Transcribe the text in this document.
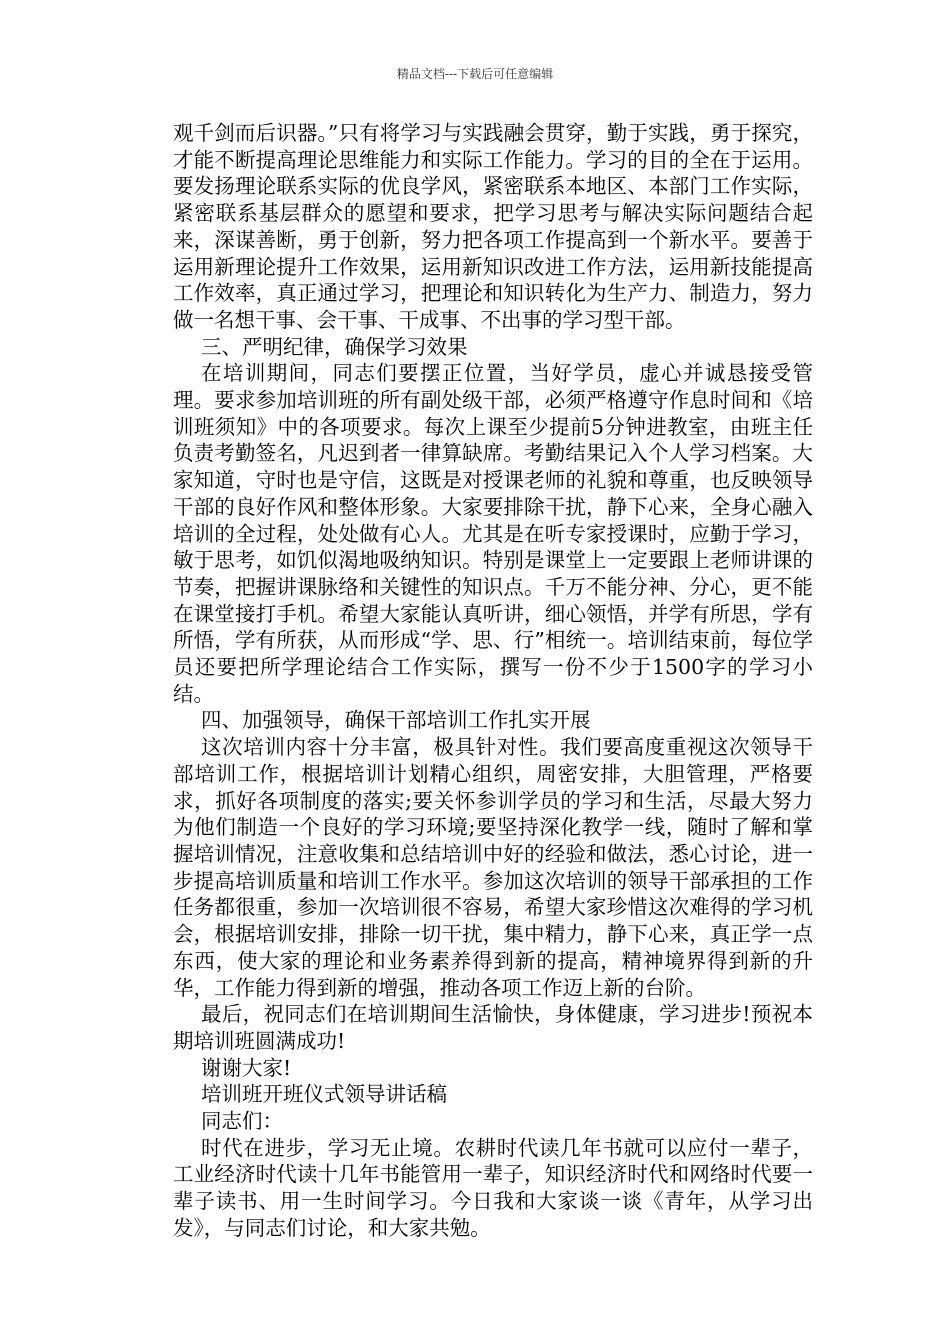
精品文档---下载后可任意编辑

观千剑而后识器。”只有将学习与实践融会贯穿，勤于实践，勇于探究，才能不断提高理论思维能力和实际工作能力。学习的目的全在于运用。要发扬理论联系实际的优良学风，紧密联系本地区、本部门工作实际，紧密联系基层群众的愿望和要求，把学习思考与解决实际问题结合起来，深谋善断，勇于创新，努力把各项工作提高到一个新水平。要善于运用新理论提升工作效果，运用新知识改进工作方法，运用新技能提高工作效率，真正通过学习，把理论和知识转化为生产力、制造力，努力做一名想干事、会干事、干成事、不出事的学习型干部。

三、严明纪律，确保学习效果

在培训期间，同志们要摆正位置，当好学员，虚心并诚恳接受管理。要求参加培训班的所有副处级干部，必须严格遵守作息时间和《培训班须知》中的各项要求。每次上课至少提前5分钟进教室，由班主任负责考勤签名，凡迟到者一律算缺席。考勤结果记入个人学习档案。大家知道，守时也是守信，这既是对授课老师的礼貌和尊重，也反映领导干部的良好作风和整体形象。大家要排除干扰，静下心来，全身心融入培训的全过程，处处做有心人。尤其是在听专家授课时，应勤于学习，敏于思考，如饥似渴地吸纳知识。特别是课堂上一定要跟上老师讲课的节奏，把握讲课脉络和关键性的知识点。千万不能分神、分心，更不能在课堂接打手机。希望大家能认真听讲，细心领悟，并学有所思，学有所悟，学有所获，从而形成“学、思、行”相统一。培训结束前，每位学员还要把所学理论结合工作实际，撰写一份不少于1500字的学习小结。

四、加强领导，确保干部培训工作扎实开展

这次培训内容十分丰富，极具针对性。我们要高度重视这次领导干部培训工作，根据培训计划精心组织，周密安排，大胆管理，严格要求，抓好各项制度的落实;要关怀参训学员的学习和生活，尽最大努力为他们制造一个良好的学习环境;要坚持深化教学一线，随时了解和掌握培训情况，注意收集和总结培训中好的经验和做法，悉心讨论，进一步提高培训质量和培训工作水平。参加这次培训的领导干部承担的工作任务都很重，参加一次培训很不容易，希望大家珍惜这次难得的学习机会，根据培训安排，排除一切干扰，集中精力，静下心来，真正学一点东西，使大家的理论和业务素养得到新的提高，精神境界得到新的升华，工作能力得到新的增强，推动各项工作迈上新的台阶。

最后，祝同志们在培训期间生活愉快，身体健康，学习进步!预祝本期培训班圆满成功!

谢谢大家!

培训班开班仪式领导讲话稿

同志们：

时代在进步，学习无止境。农耕时代读几年书就可以应付一辈子，工业经济时代读十几年书能管用一辈子，知识经济时代和网络时代要一辈子读书、用一生时间学习。今日我和大家谈一谈《青年，从学习出发》，与同志们讨论，和大家共勉。
